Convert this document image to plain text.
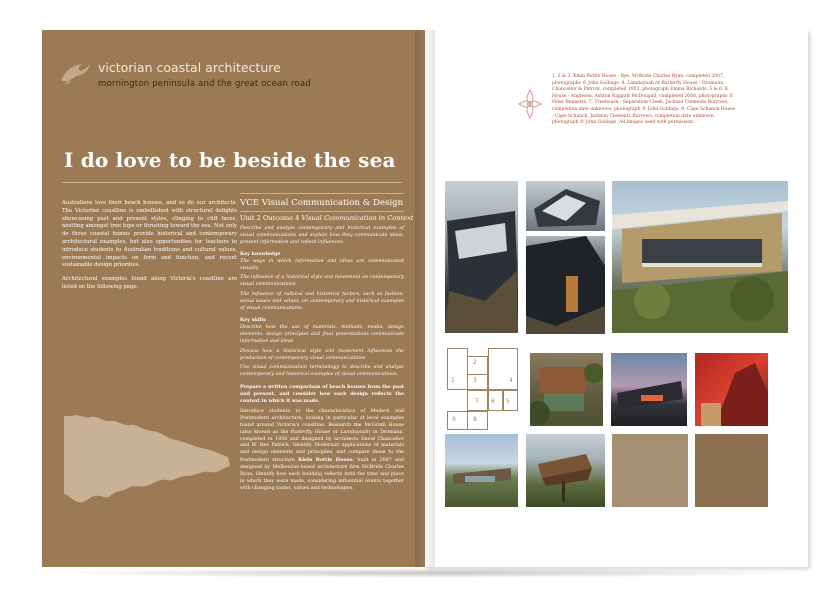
victorian coastal architecture
mornington peninsula and the great ocean road
I do love to be beside the sea

Australians love their beach houses, and so do our architects. The Victorian coastline is embellished with structural delights showcasing past and present styles, clinging to cliff faces, nestling amongst tree tops or thrusting toward the sea. Not only do these coastal homes provide historical and contemporary architectural examples, but also opportunities for teachers to introduce students to Australian traditions and cultural values, environmental impacts on form and function, and recent sustainable design priorities.

Architectural examples found along Victoria's coastline are listed on the following page.

VCE Visual Communication & Design
Unit 2 Outcome 4 Visual Communication in Context
Describe and analyse contemporary and historical examples of visual communications and explain how they communicate ideas, present information and reflect influences.
Key knowledge
The ways in which information and ideas are communicated visually
The influence of a historical style and movement on contemporary visual communications
The influence of cultural and historical factors, such as fashion, social issues and values, on contemporary and historical examples of visual communications.
Key skills
Describe how the use of materials, methods, media, design elements, design principles and final presentations communicate information and ideas
Discuss how a historical style and movement influences the production of contemporary visual communications
Use visual communication terminology to describe and analyse contemporary and historical examples of visual communications.
Prepare a written comparison of beach houses from the past and present, and consider how each design reflects the context in which it was made.
Introduce students to the characteristics of Modern and Postmodern architecture, looking in particular at local examples found around Victoria's coastline. Research the McGrath House (also known as the Butterfly House or Lamdaynah) in Dromana, completed in 1956 and designed by architects David Chancellor and W. Rex Patrick. Identify Modernist applications of materials and design elements and principles, and compare these to the Postmodern structure Klein Bottle House, built in 2007 and designed by Melbourne-based architecture firm McBride Charles Ryan. Identify how each building reflects both the time and place in which they were made, considering influential events together with changing tastes, values and technologies.
1, 2 & 3. Klein Bottle House - Rye, McBride Charles Ryan, completed 2007, photographs © John Gollings. 4. Lamdaynah or Butterfly House - Dromana, Chancellor & Patrick, completed 1955, photograph Emma Richards. 5 & 6. K House - Anglesea, Ashton Raggatt McDougall, completed 2008, photographs © Peter Bennetts. 7. Treehouse - Separation Creek, Jackson Clements Burrows, completion date unknown, photograph © John Gollings. 8. Cape Schanck House - Cape Schanck, Jackson Clements Burrows, completion date unknown, photograph © John Gollings. All images used with permission.
2
1	3	4
7 6 5
9	8
